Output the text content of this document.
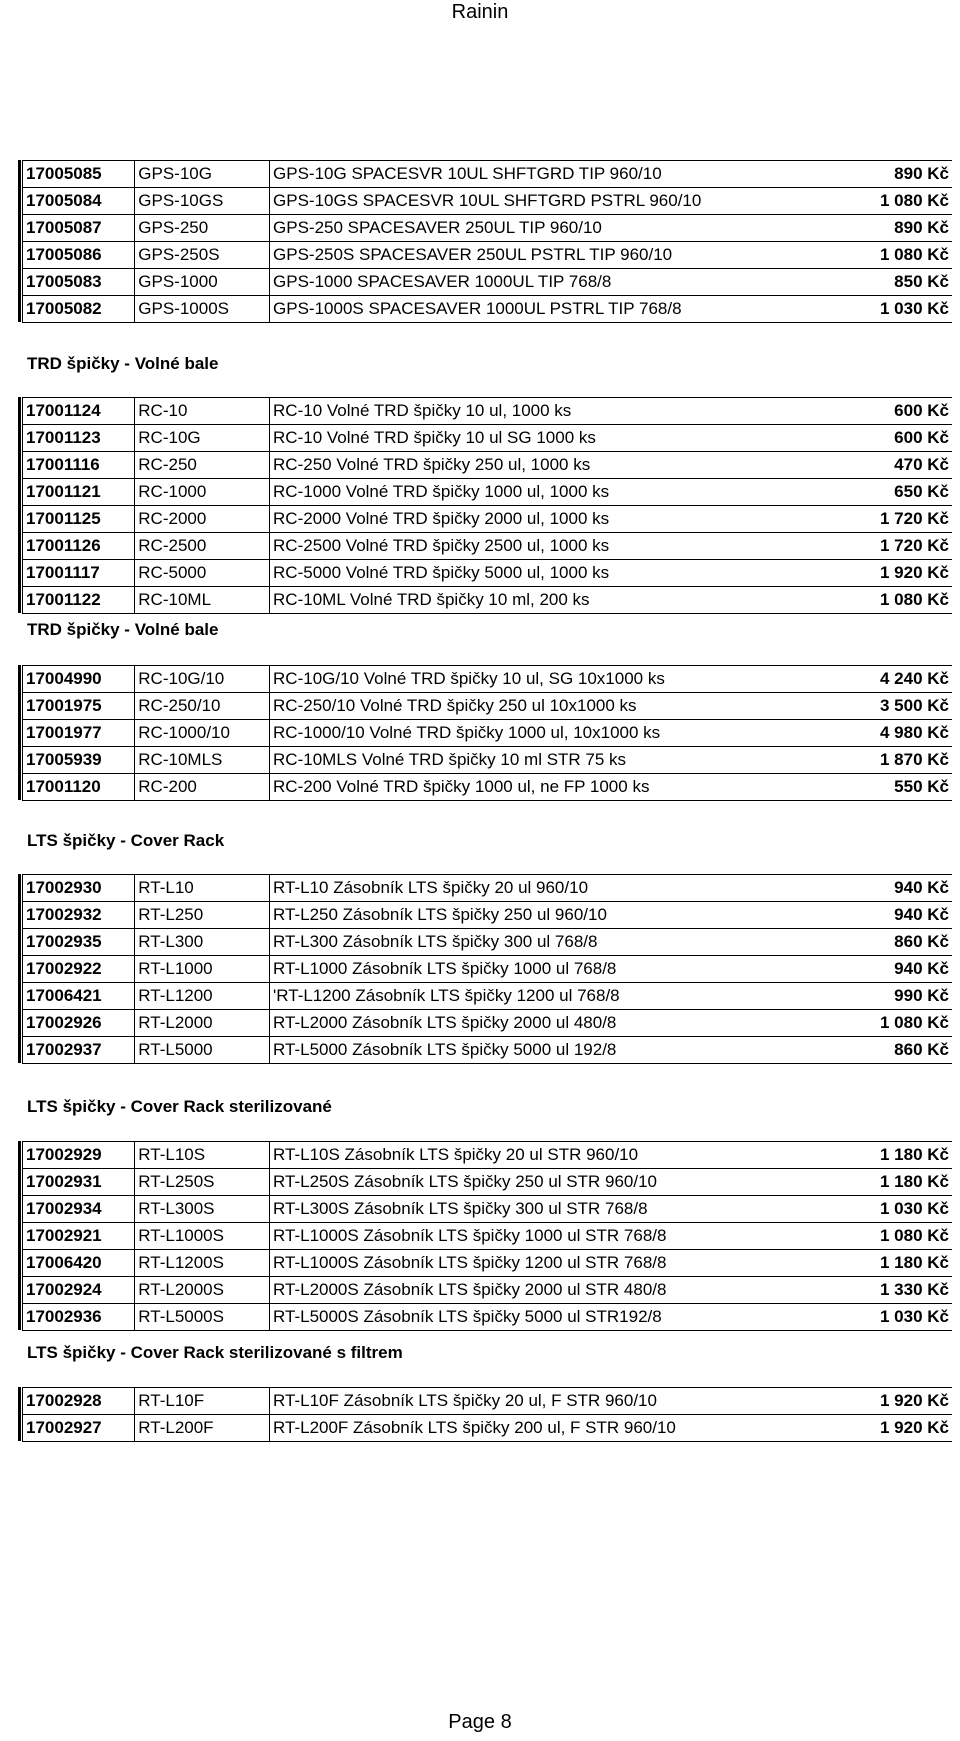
Rainin
17005085	GPS-10G	GPS-10G SPACESVR 10UL SHFTGRD TIP 960/10	890 Kč
17005084	GPS-10GS	GPS-10GS SPACESVR 10UL SHFTGRD PSTRL 960/10	1 080 Kč
17005087	GPS-250	GPS-250 SPACESAVER 250UL TIP 960/10	890 Kč
17005086	GPS-250S	GPS-250S SPACESAVER 250UL PSTRL TIP 960/10	1 080 Kč
17005083	GPS-1000	GPS-1000 SPACESAVER 1000UL TIP 768/8	850 Kč
17005082	GPS-1000S	GPS-1000S SPACESAVER 1000UL PSTRL TIP 768/8	1 030 Kč
TRD špičky - Volné bale
17001124	RC-10	RC-10 Volné TRD špičky 10 ul, 1000 ks	600 Kč
17001123	RC-10G	RC-10 Volné TRD špičky 10 ul SG 1000 ks	600 Kč
17001116	RC-250	RC-250 Volné TRD špičky 250 ul, 1000 ks	470 Kč
17001121	RC-1000	RC-1000 Volné TRD špičky 1000 ul, 1000 ks	650 Kč
17001125	RC-2000	RC-2000 Volné TRD špičky 2000 ul, 1000 ks	1 720 Kč
17001126	RC-2500	RC-2500 Volné TRD špičky 2500 ul, 1000 ks	1 720 Kč
17001117	RC-5000	RC-5000 Volné TRD špičky 5000 ul, 1000 ks	1 920 Kč
17001122	RC-10ML	RC-10ML Volné TRD špičky 10 ml, 200 ks	1 080 Kč
TRD špičky - Volné bale
17004990	RC-10G/10	RC-10G/10 Volné TRD špičky 10 ul, SG 10x1000 ks	4 240 Kč
17001975	RC-250/10	RC-250/10 Volné TRD špičky 250 ul 10x1000 ks	3 500 Kč
17001977	RC-1000/10	RC-1000/10 Volné TRD špičky 1000 ul, 10x1000 ks	4 980 Kč
17005939	RC-10MLS	RC-10MLS Volné TRD špičky 10 ml STR 75 ks	1 870 Kč
17001120	RC-200	RC-200 Volné TRD špičky 1000 ul, ne FP 1000 ks	550 Kč
LTS špičky - Cover Rack
17002930	RT-L10	RT-L10 Zásobník LTS špičky 20 ul 960/10	940 Kč
17002932	RT-L250	RT-L250 Zásobník LTS špičky 250 ul 960/10	940 Kč
17002935	RT-L300	RT-L300 Zásobník LTS špičky 300 ul 768/8	860 Kč
17002922	RT-L1000	RT-L1000 Zásobník LTS špičky 1000 ul 768/8	940 Kč
17006421	RT-L1200	'RT-L1200 Zásobník LTS špičky 1200 ul 768/8	990 Kč
17002926	RT-L2000	RT-L2000 Zásobník LTS špičky 2000 ul 480/8	1 080 Kč
17002937	RT-L5000	RT-L5000 Zásobník LTS špičky 5000 ul 192/8	860 Kč
LTS špičky - Cover Rack sterilizované
17002929	RT-L10S	RT-L10S Zásobník LTS špičky 20 ul STR 960/10	1 180 Kč
17002931	RT-L250S	RT-L250S Zásobník LTS špičky 250 ul STR 960/10	1 180 Kč
17002934	RT-L300S	RT-L300S Zásobník LTS špičky 300 ul STR 768/8	1 030 Kč
17002921	RT-L1000S	RT-L1000S Zásobník LTS špičky 1000 ul STR 768/8	1 080 Kč
17006420	RT-L1200S	RT-L1000S Zásobník LTS špičky 1200 ul STR 768/8	1 180 Kč
17002924	RT-L2000S	RT-L2000S Zásobník LTS špičky 2000 ul STR 480/8	1 330 Kč
17002936	RT-L5000S	RT-L5000S Zásobník LTS špičky 5000 ul STR192/8	1 030 Kč
LTS špičky - Cover Rack sterilizované s filtrem
17002928	RT-L10F	RT-L10F Zásobník LTS špičky 20 ul, F STR 960/10	1 920 Kč
17002927	RT-L200F	RT-L200F Zásobník LTS špičky 200 ul, F STR 960/10	1 920 Kč
Page 8
